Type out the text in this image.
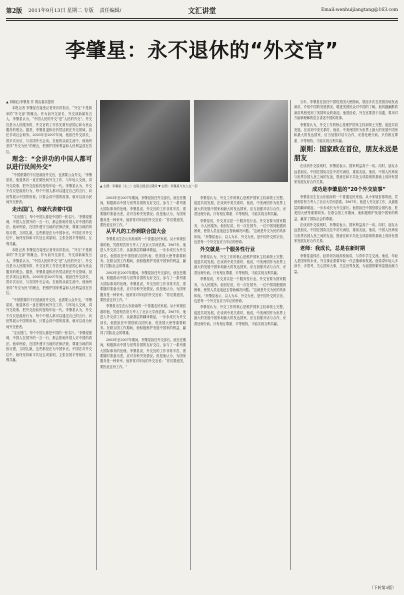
第2版 2011年9月13日 星期二 专版 责任编辑/	文汇讲堂	Email:wenhuijiangtang@163.com
李肇星：永不退休的“外交官”

▲ 刘晓红/李肇星 作 图由嘉宾提供

本报记者 李肇星在接受记者采访时指出，“外交”不是简单的“外交部”的概念。作为前外交部长、外交部新闻发言人，李肇星认为，“中国人民的外交”是“人民的外交”。外交官是为人民服务的，外交官的工作首先要有爱国心和为民众服务的观念。据悉，李肇星退休后仍然活跃在外交领域，担任多项社会职务。2003年至2007年间，他担任外交部长，曾多次出访，与各国外长会谈。在他的从政生涯中，他始终坚持“外交为民”的理念，把维护国家利益和人民利益放在首位。

理念：“会讲功的中国人都可以进行民间外交”

“中国需要的不仅是政府外交官，也需要公众外交。”李肇星说，他退休后一直在做民间外交工作，与年轻人交流，讲外交故事，把外交经验传授给年轻一代。李肇星认为，外交不仅仅是政府行为，每个中国人都可以通过自己的言行，向世界展示中国的形象。只要会讲中国的故事，就可以成为民间外交使者。

走出国门，你就代表着中国

“走出国门，每个中国人都是中国的一张名片。”李肇星强调，中国人在国外的一言一行，都会影响外国人对中国的看法。他举例说，在国外遵守当地的法律法规，尊重当地的风俗习惯，文明礼貌，这些都是在为中国争光。中国在对外交往中，始终坚持和平共处五项原则，主张各国平等相待，互利共赢。

本报记者 李肇星在接受记者采访时指出，“外交”不是简单的“外交部”的概念。作为前外交部长、外交部新闻发言人，李肇星认为，“中国人民的外交”是“人民的外交”。外交官是为人民服务的，外交官的工作首先要有爱国心和为民众服务的观念。据悉，李肇星退休后仍然活跃在外交领域，担任多项社会职务。2003年至2007年间，他担任外交部长，曾多次出访，与各国外长会谈。在他的从政生涯中，他始终坚持“外交为民”的理念，把维护国家利益和人民利益放在首位。

“中国需要的不仅是政府外交官，也需要公众外交。”李肇星说，他退休后一直在做民间外交工作，与年轻人交流，讲外交故事，把外交经验传授给年轻一代。李肇星认为，外交不仅仅是政府行为，每个中国人都可以通过自己的言行，向世界展示中国的形象。只要会讲中国的故事，就可以成为民间外交使者。

“走出国门，每个中国人都是中国的一张名片。”李肇星强调，中国人在国外的一言一行，都会影响外国人对中国的看法。他举例说，在国外遵守当地的法律法规，尊重当地的风俗习惯，文明礼貌，这些都是在为中国争光。中国在对外交往中，始终坚持和平共处五项原则，主张各国平等相待，互利共赢。

▲ 左图：李肇星（左二）在联合国会议期间 ▼ 右图：李肇星与友人在一起

2003年至2007年期间，李肇星担任外交部长。他在任期间，积极推动中国与世界各国的友好交往，参与了一系列重大国际事务的处理。李肇星说，外交官的工作非常辛苦，需要随时准备出差，应对各种突发情况。但是他认为，为国家服务是一种荣幸。他常常对年轻的外交官说：“你们要爱国，要热爱这份工作。”

从平凡的工作到联合国大会

李肇星出生在山东胶南的一个普通农民家庭。从小家境贫寒的他，凭借刻苦努力考入了北京大学西语系。1967年，他进入外交部工作，从最基层的翻译做起，一步步成长为外交部长。他曾担任中国驻联合国代表、驻美国大使等重要职务。在联合国工作期间，他积极维护发展中国家的利益，赢得了国际社会的尊重。

2003年至2007年期间，李肇星担任外交部长。他在任期间，积极推动中国与世界各国的友好交往，参与了一系列重大国际事务的处理。李肇星说，外交官的工作非常辛苦，需要随时准备出差，应对各种突发情况。但是他认为，为国家服务是一种荣幸。他常常对年轻的外交官说：“你们要爱国，要热爱这份工作。”

李肇星出生在山东胶南的一个普通农民家庭。从小家境贫寒的他，凭借刻苦努力考入了北京大学西语系。1967年，他进入外交部工作，从最基层的翻译做起，一步步成长为外交部长。他曾担任中国驻联合国代表、驻美国大使等重要职务。在联合国工作期间，他积极维护发展中国家的利益，赢得了国际社会的尊重。

2003年至2007年期间，李肇星担任外交部长。他在任期间，积极推动中国与世界各国的友好交往，参与了一系列重大国际事务的处理。李肇星说，外交官的工作非常辛苦，需要随时准备出差，应对各种突发情况。但是他认为，为国家服务是一种荣幸。他常常对年轻的外交官说：“你们要爱国，要热爱这份工作。”

李肇星认为，外交工作的核心是维护国家主权和领土完整，促进共同发展。在谈到中美关系时，他说，中美两国作为世界上最大的发展中国家和最大的发达国家，应当加强对话与合作，妥善处理分歧。只有相互尊重、平等相待，才能实现互利共赢。

李肇星说，外交其实是一个服务性行业。外交官要为国家服务，为人民服务。他回忆说，有一次在国外，一位中国同胞遇到困难，使馆人员连夜赶去帮助解决问题。“这就是外交为民的具体体现。”李肇星表示，以人为本、外交为民，是中国外交的宗旨，也是每一个外交官应当牢记的使命。

外交就是一个服务性行业

李肇星认为，外交工作的核心是维护国家主权和领土完整，促进共同发展。在谈到中美关系时，他说，中美两国作为世界上最大的发展中国家和最大的发达国家，应当加强对话与合作，妥善处理分歧。只有相互尊重、平等相待，才能实现互利共赢。

李肇星说，外交其实是一个服务性行业。外交官要为国家服务，为人民服务。他回忆说，有一次在国外，一位中国同胞遇到困难，使馆人员连夜赶去帮助解决问题。“这就是外交为民的具体体现。”李肇星表示，以人为本、外交为民，是中国外交的宗旨，也是每一个外交官应当牢记的使命。

李肇星认为，外交工作的核心是维护国家主权和领土完整，促进共同发展。在谈到中美关系时，他说，中美两国作为世界上最大的发展中国家和最大的发达国家，应当加强对话与合作，妥善处理分歧。只有相互尊重、平等相待，才能实现互利共赢。

当年，李肇星在担任中国驻美国大使期间，曾经多次在美国各地发表演讲，介绍中国的发展情况，增进美国民众对中国的了解。他风趣幽默的演讲风格受到了美国听众的欢迎。他曾经说，外交官要善于沟通，要用对方能够理解的语言讲述中国的故事。

李肇星认为，外交工作的核心是维护国家主权和领土完整，促进共同发展。在谈到中美关系时，他说，中美两国作为世界上最大的发展中国家和最大的发达国家，应当加强对话与合作，妥善处理分歧。只有相互尊重、平等相待，才能实现互利共赢。

原则：国家政在首位，朋友永远是朋友

在谈到外交原则时，李肇星表示，国家利益高于一切。同时，朋友永远是朋友，中国在国际交往中讲究诚信，重视友谊。他说，中国人民珍视与世界各国人民之间的友谊，愿意在和平共处五项原则的基础上同所有国家发展友好合作关系。

成功是李肇星的“20个外交故事”

李肇星出生在山东胶南的一个普通农民家庭。从小家境贫寒的他，凭借刻苦努力考入了北京大学西语系。1967年，他进入外交部工作，从最基层的翻译做起，一步步成长为外交部长。他曾担任中国驻联合国代表、驻美国大使等重要职务。在联合国工作期间，他积极维护发展中国家的利益，赢得了国际社会的尊重。

在谈到外交原则时，李肇星表示，国家利益高于一切。同时，朋友永远是朋友，中国在国际交往中讲究诚信，重视友谊。他说，中国人民珍视与世界各国人民之间的友谊，愿意在和平共处五项原则的基础上同所有国家发展友好合作关系。

老师：我成长，总是在新时期

李肇星退休后，经常到各地高校演讲，与青年学生交流。他说，年轻人是国家的未来，外交事业需要年轻一代去继承和发展。他希望年轻人多读书、多思考，关心国家大事，关注世界发展，为祖国的繁荣富强贡献力量。

（下转第3版）
